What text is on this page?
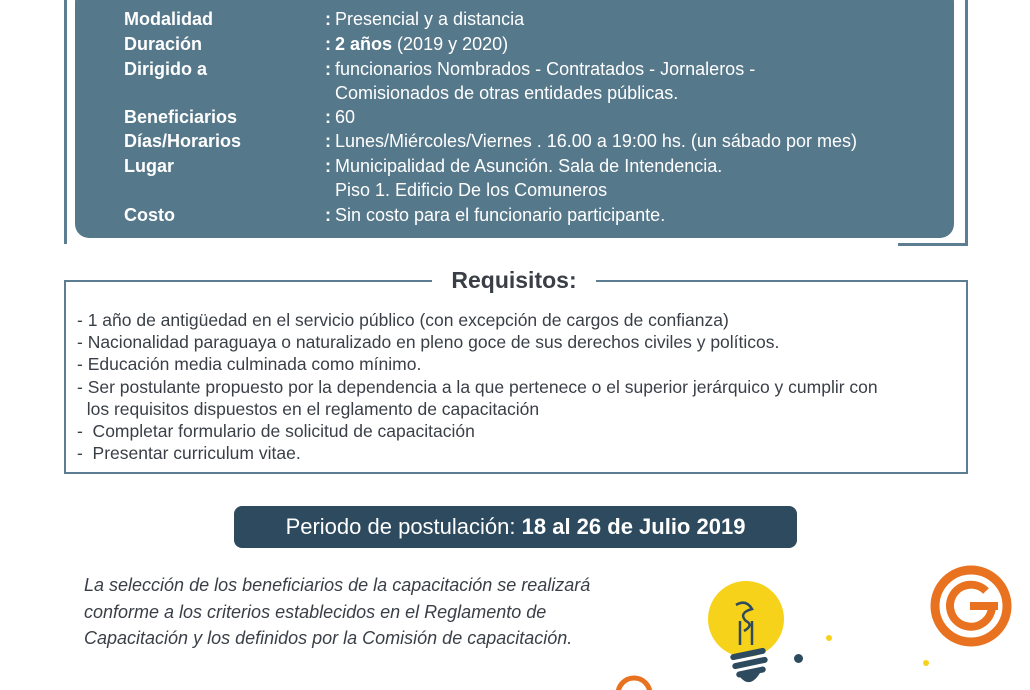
Modalidad	: Presencial y a distancia
Duración	: 2 años (2019 y 2020)
Dirigido a	: funcionarios Nombrados - Contratados - Jornaleros -
Comisionados de otras entidades públicas.
Beneficiarios	: 60
Días/Horarios	: Lunes/Miércoles/Viernes . 16.00 a 19:00 hs. (un sábado por mes)
Lugar	: Municipalidad de Asunción. Sala de Intendencia.
Piso 1. Edificio De los Comuneros
Costo	: Sin costo para el funcionario participante.
Requisitos:
- 1 año de antigüedad en el servicio público (con excepción de cargos de confianza)
- Nacionalidad paraguaya o naturalizado en pleno goce de sus derechos civiles y políticos.
- Educación media culminada como mínimo.
- Ser postulante propuesto por la dependencia a la que pertenece o el superior jerárquico y cumplir con
los requisitos dispuestos en el reglamento de capacitación
-  Completar formulario de solicitud de capacitación
-  Presentar curriculum vitae.
Periodo de postulación: 18 al 26 de Julio 2019
La selección de los beneficiarios de la capacitación se realizará conforme a los criterios establecidos en el Reglamento de Capacitación y los definidos por la Comisión de capacitación.
